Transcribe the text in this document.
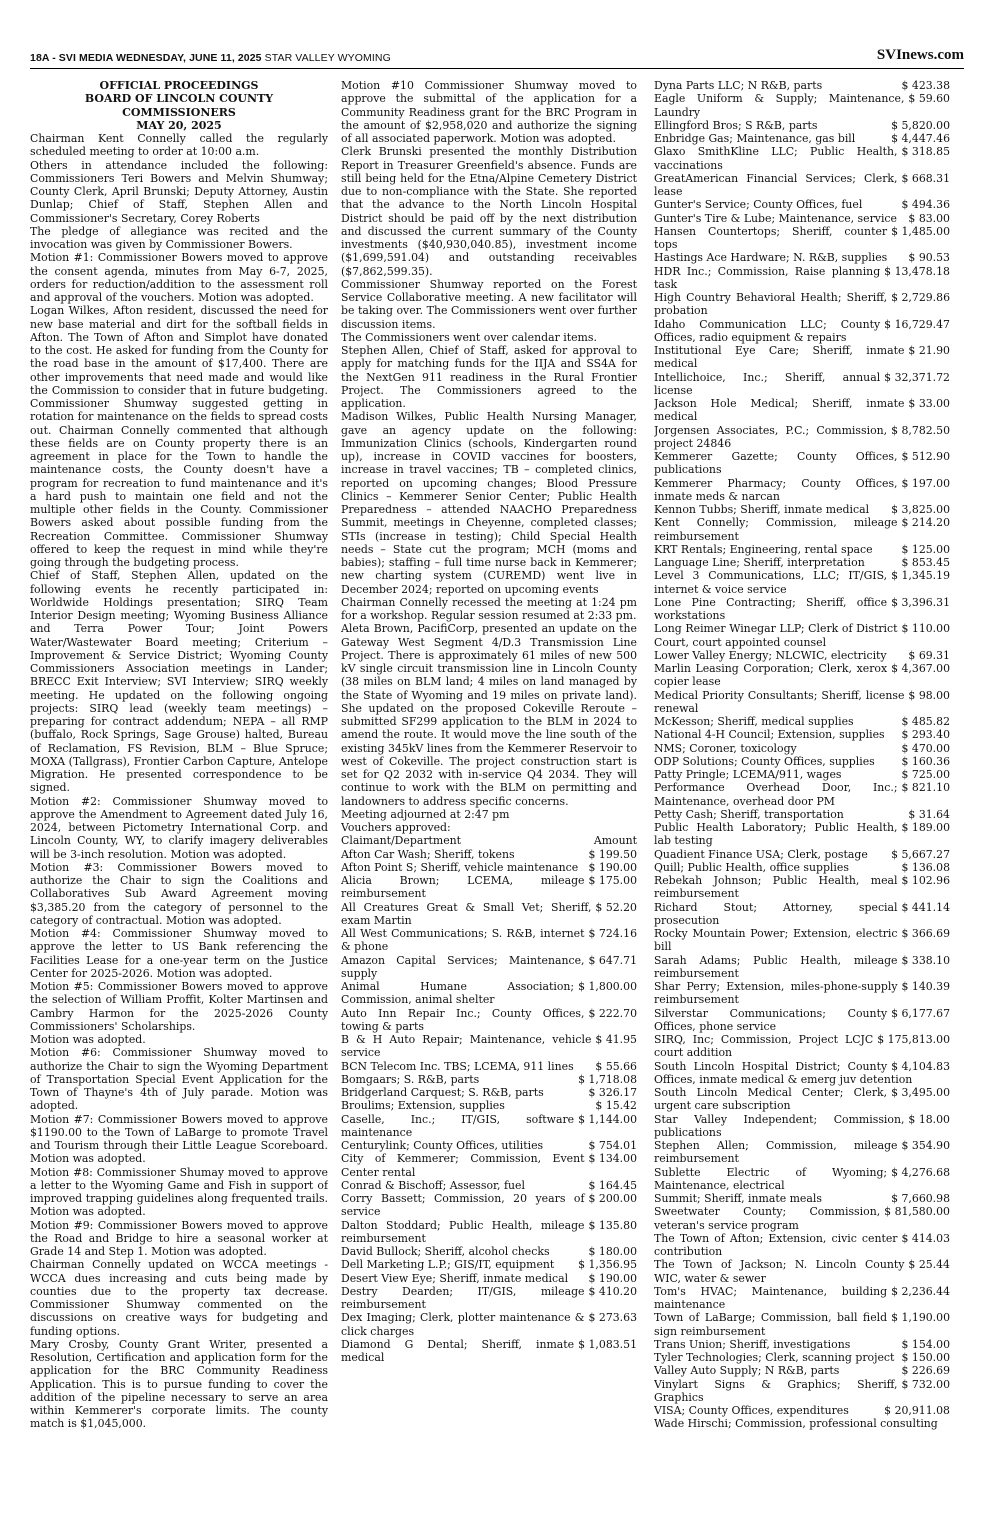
18A - SVI MEDIA WEDNESDAY, JUNE 11, 2025 STAR VALLEY WYOMING	SVInews.com
OFFICIAL PROCEEDINGS
BOARD OF LINCOLN COUNTY COMMISSIONERS
MAY 20, 2025

Chairman Kent Connelly called the regularly scheduled meeting to order at 10:00 a.m.

Others in attendance included the following: Commissioners Teri Bowers and Melvin Shumway; County Clerk, April Brunski; Deputy Attorney, Austin Dunlap; Chief of Staff, Stephen Allen and Commissioner's Secretary, Corey Roberts

The pledge of allegiance was recited and the invocation was given by Commissioner Bowers.

Motion #1: Commissioner Bowers moved to approve the consent agenda, minutes from May 6-7, 2025, orders for reduction/addition to the assessment roll and approval of the vouchers. Motion was adopted.

Logan Wilkes, Afton resident, discussed the need for new base material and dirt for the softball fields in Afton. The Town of Afton and Simplot have donated to the cost. He asked for funding from the County for the road base in the amount of $17,400. There are other improvements that need made and would like the Commission to consider that in future budgeting. Commissioner Shumway suggested getting in rotation for maintenance on the fields to spread costs out. Chairman Connelly commented that although these fields are on County property there is an agreement in place for the Town to handle the maintenance costs, the County doesn't have a program for recreation to fund maintenance and it's a hard push to maintain one field and not the multiple other fields in the County. Commissioner Bowers asked about possible funding from the Recreation Committee. Commissioner Shumway offered to keep the request in mind while they're going through the budgeting process.

Chief of Staff, Stephen Allen, updated on the following events he recently participated in: Worldwide Holdings presentation; SIRQ Team Interior Design meeting; Wyoming Business Alliance and Terra Power Tour; Joint Powers Water/Wastewater Board meeting; Criterium – Improvement & Service District; Wyoming County Commissioners Association meetings in Lander; BRECC Exit Interview; SVI Interview; SIRQ weekly meeting. He updated on the following ongoing projects: SIRQ lead (weekly team meetings) – preparing for contract addendum; NEPA – all RMP (buffalo, Rock Springs, Sage Grouse) halted, Bureau of Reclamation, FS Revision, BLM – Blue Spruce; MOXA (Tallgrass), Frontier Carbon Capture, Antelope Migration. He presented correspondence to be signed.

Motion #2: Commissioner Shumway moved to approve the Amendment to Agreement dated July 16, 2024, between Pictometry International Corp. and Lincoln County, WY, to clarify imagery deliverables will be 3-inch resolution. Motion was adopted.

Motion #3: Commissioner Bowers moved to authorize the Chair to sign the Coalitions and Collaboratives Sub Award Agreement moving $3,385.20 from the category of personnel to the category of contractual. Motion was adopted.

Motion #4: Commissioner Shumway moved to approve the letter to US Bank referencing the Facilities Lease for a one-year term on the Justice Center for 2025-2026. Motion was adopted.

Motion #5: Commissioner Bowers moved to approve the selection of William Proffit, Kolter Martinsen and Cambry Harmon for the 2025-2026 County Commissioners' Scholarships.

Motion was adopted.

Motion #6: Commissioner Shumway moved to authorize the Chair to sign the Wyoming Department of Transportation Special Event Application for the Town of Thayne's 4th of July parade. Motion was adopted.

Motion #7: Commissioner Bowers moved to approve $1190.00 to the Town of LaBarge to promote Travel and Tourism through their Little League Scoreboard. Motion was adopted.

Motion #8: Commissioner Shumay moved to approve a letter to the Wyoming Game and Fish in support of improved trapping guidelines along frequented trails. Motion was adopted.

Motion #9: Commissioner Bowers moved to approve the Road and Bridge to hire a seasonal worker at Grade 14 and Step 1. Motion was adopted.

Chairman Connelly updated on WCCA meetings - WCCA dues increasing and cuts being made by counties due to the property tax decrease. Commissioner Shumway commented on the discussions on creative ways for budgeting and funding options.

Mary Crosby, County Grant Writer, presented a Resolution, Certification and application form for the application for the BRC Community Readiness Application. This is to pursue funding to cover the addition of the pipeline necessary to serve an area within Kemmerer's corporate limits. The county match is $1,045,000.

Motion #10 Commissioner Shumway moved to approve the submittal of the application for a Community Readiness grant for the BRC Program in the amount of $2,958,020 and authorize the signing of all associated paperwork. Motion was adopted.

Clerk Brunski presented the monthly Distribution Report in Treasurer Greenfield's absence. Funds are still being held for the Etna/Alpine Cemetery District due to non-compliance with the State. She reported that the advance to the North Lincoln Hospital District should be paid off by the next distribution and discussed the current summary of the County investments ($40,930,040.85), investment income ($1,699,591.04) and outstanding receivables ($7,862,599.35).

Commissioner Shumway reported on the Forest Service Collaborative meeting. A new facilitator will be taking over. The Commissioners went over further discussion items.

The Commissioners went over calendar items.

Stephen Allen, Chief of Staff, asked for approval to apply for matching funds for the IIJA and SS4A for the NextGen 911 readiness in the Rural Frontier Project. The Commissioners agreed to the application.

Madison Wilkes, Public Health Nursing Manager, gave an agency update on the following: Immunization Clinics (schools, Kindergarten round up), increase in COVID vaccines for boosters, increase in travel vaccines; TB – completed clinics, reported on upcoming changes; Blood Pressure Clinics – Kemmerer Senior Center; Public Health Preparedness – attended NAACHO Preparedness Summit, meetings in Cheyenne, completed classes; STIs (increase in testing); Child Special Health needs – State cut the program; MCH (moms and babies); staffing – full time nurse back in Kemmerer; new charting system (CUREMD) went live in December 2024; reported on upcoming events

Chairman Connelly recessed the meeting at 1:24 pm for a workshop. Regular session resumed at 2:33 pm.

Aleta Brown, PacifiCorp, presented an update on the Gateway West Segment 4/D.3 Transmission Line Project. There is approximately 61 miles of new 500 kV single circuit transmission line in Lincoln County (38 miles on BLM land; 4 miles on land managed by the State of Wyoming and 19 miles on private land). She updated on the proposed Cokeville Reroute – submitted SF299 application to the BLM in 2024 to amend the route. It would move the line south of the existing 345kV lines from the Kemmerer Reservoir to west of Cokeville. The project construction start is set for Q2 2032 with in-service Q4 2034. They will continue to work with the BLM on permitting and landowners to address specific concerns.

Meeting adjourned at 2:47 pm

Vouchers approved:

Claimant/Department	Amount
$ 199.50
Afton Car Wash; Sheriff, tokens
$ 190.00
Afton Point S; Sheriff, vehicle maintenance
$ 175.00
Alicia Brown; LCEMA, mileage reimbursement
$ 52.20
All Creatures Great & Small Vet; Sheriff, exam Martin
$ 724.16
All West Communications; S. R&B, internet & phone
$ 647.71
Amazon Capital Services; Maintenance, supply
$ 1,800.00
Animal Humane Association; Commission, animal shelter
$ 222.70
Auto Inn Repair Inc.; County Offices, towing & parts
$ 41.95
B & H Auto Repair; Maintenance, vehicle service
$ 55.66
BCN Telecom Inc. TBS; LCEMA, 911 lines
$ 1,718.08
Bomgaars; S. R&B, parts
$ 326.17
Bridgerland Carquest; S. R&B, parts
$ 15.42
Broulims; Extension, supplies
$ 1,144.00
Caselle, Inc.; IT/GIS, software maintenance
$ 754.01
Centurylink; County Offices, utilities
$ 134.00
City of Kemmerer; Commission, Event Center rental
$ 164.45
Conrad & Bischoff; Assessor, fuel
$ 200.00
Corry Bassett; Commission, 20 years of service
$ 135.80
Dalton Stoddard; Public Health, mileage reimbursement
$ 180.00
David Bullock; Sheriff, alcohol checks
$ 1,356.95
Dell Marketing L.P.; GIS/IT, equipment
$ 190.00
Desert View Eye; Sheriff, inmate medical
$ 410.20
Destry Dearden; IT/GIS, mileage reimbursement
$ 273.63
Dex Imaging; Clerk, plotter maintenance & click charges
$ 1,083.51
Diamond G Dental; Sheriff, inmate medical
$ 423.38
Dyna Parts LLC; N R&B, parts
$ 59.60
Eagle Uniform & Supply; Maintenance, Laundry
$ 5,820.00
Ellingford Bros; S R&B, parts
$ 4,447.46
Enbridge Gas; Maintenance, gas bill
$ 318.85
Glaxo SmithKline LLC; Public Health, vaccinations
$ 668.31
GreatAmerican Financial Services; Clerk, lease
$ 494.36
Gunter's Service; County Offices, fuel
$ 83.00
Gunter's Tire & Lube; Maintenance, service
$ 1,485.00
Hansen Countertops; Sheriff, counter tops
$ 90.53
Hastings Ace Hardware; N. R&B, supplies
$ 13,478.18
HDR Inc.; Commission, Raise planning task
$ 2,729.86
High Country Behavioral Health; Sheriff, probation
$ 16,729.47
Idaho Communication LLC; County Offices, radio equipment & repairs
$ 21.90
Institutional Eye Care; Sheriff, inmate medical
$ 32,371.72
Intellichoice, Inc.; Sheriff, annual license
$ 33.00
Jackson Hole Medical; Sheriff, inmate medical
$ 8,782.50
Jorgensen Associates, P.C.; Commission, project 24846
$ 512.90
Kemmerer Gazette; County Offices, publications
$ 197.00
Kemmerer Pharmacy; County Offices, inmate meds & narcan
$ 3,825.00
Kennon Tubbs; Sheriff, inmate medical
$ 214.20
Kent Connelly; Commission, mileage reimbursement
$ 125.00
KRT Rentals; Engineering, rental space
$ 853.45
Language Line; Sheriff, interpretation
$ 1,345.19
Level 3 Communications, LLC; IT/GIS, internet & voice service
$ 3,396.31
Lone Pine Contracting; Sheriff, office workstations
$ 110.00
Long Reimer Winegar LLP; Clerk of District Court, court appointed counsel
$ 69.31
Lower Valley Energy; NLCWIC, electricity
$ 4,367.00
Marlin Leasing Corporation; Clerk, xerox copier lease
$ 98.00
Medical Priority Consultants; Sheriff, license renewal
$ 485.82
McKesson; Sheriff, medical supplies
$ 293.40
National 4-H Council; Extension, supplies
$ 470.00
NMS; Coroner, toxicology
$ 160.36
ODP Solutions; County Offices, supplies
$ 725.00
Patty Pringle; LCEMA/911, wages
$ 821.10
Performance Overhead Door, Inc.; Maintenance, overhead door PM
$ 31.64
Petty Cash; Sheriff, transportation
$ 189.00
Public Health Laboratory; Public Health, lab testing
$ 5,667.27
Quadient Finance USA; Clerk, postage
$ 136.08
Quill; Public Health, office supplies
$ 102.96
Rebekah Johnson; Public Health, meal reimbursement
$ 441.14
Richard Stout; Attorney, special prosecution
$ 366.69
Rocky Mountain Power; Extension, electric bill
$ 338.10
Sarah Adams; Public Health, mileage reimbursement
$ 140.39
Shar Perry; Extension, miles-phone-supply reimbursement
$ 6,177.67
Silverstar Communications; County Offices, phone service
$ 175,813.00
SIRQ, Inc; Commission, Project LCJC court addition
$ 4,104.83
South Lincoln Hospital District; County Offices, inmate medical & emerg juv detention
$ 3,495.00
South Lincoln Medical Center; Clerk, urgent care subscription
$ 18.00
Star Valley Independent; Commission, publications
$ 354.90
Stephen Allen; Commission, mileage reimbursement
$ 4,276.68
Sublette Electric of Wyoming; Maintenance, electrical
$ 7,660.98
Summit; Sheriff, inmate meals
$ 81,580.00
Sweetwater County; Commission, veteran's service program
$ 414.03
The Town of Afton; Extension, civic center contribution
$ 25.44
The Town of Jackson; N. Lincoln County WIC, water & sewer
$ 2,236.44
Tom's HVAC; Maintenance, building maintenance
$ 1,190.00
Town of LaBarge; Commission, ball field sign reimbursement
$ 154.00
Trans Union; Sheriff, investigations
$ 150.00
Tyler Technologies; Clerk, scanning project
$ 226.69
Valley Auto Supply; N R&B, parts
$ 732.00
Vinylart Signs & Graphics; Sheriff, Graphics
$ 20,911.08
VISA; County Offices, expenditures
Wade Hirschi; Commission, professional consulting
